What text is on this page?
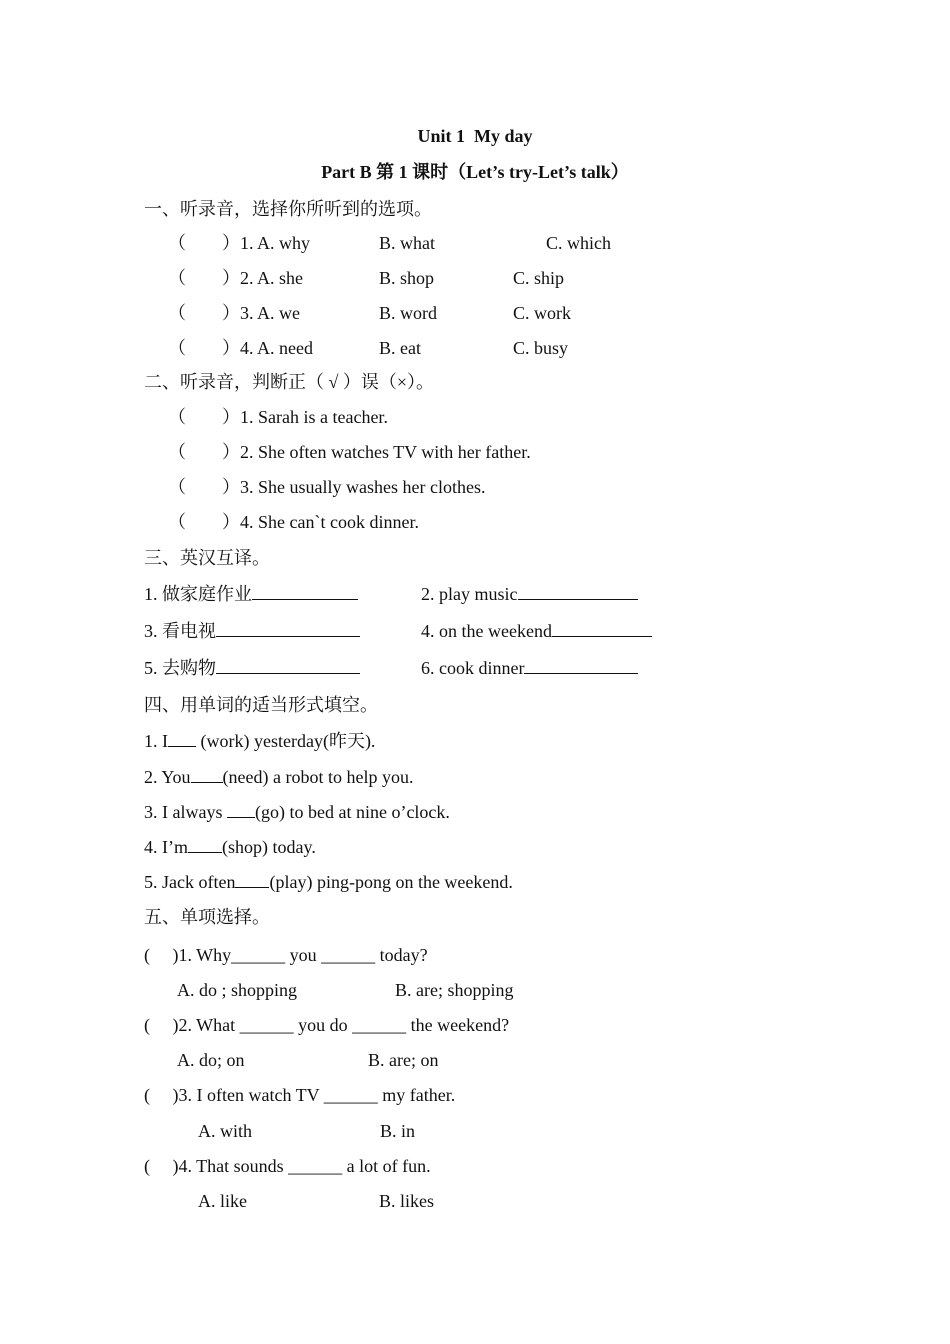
Unit 1  My day
Part B 第 1 课时（Let’s try-Let’s talk）
一、听录音，选择你所听到的选项。
（        ） 1. A. why	B. what	C. which
（        ） 2. A. she	B. shop	C. ship
（        ） 3. A. we	B. word	C. work
（        ） 4. A. need	B. eat	C. busy
二、听录音，判断正（ √ ）误（×）。
（        ） 1. Sarah is a teacher.
（        ） 2. She often watches TV with her father.
（        ） 3. She usually washes her clothes.
（        ） 4. She can`t cook dinner.
三、英汉互译。
1. 做家庭作业	2. play music
3. 看电视	4. on the weekend
5. 去购物	6. cook dinner
四、用单词的适当形式填空。
1. I (work) yesterday(昨天).
2. You (need) a robot to help you.
3. I always (go) to bed at nine o’clock.
4. I’m (shop) today.
5. Jack often (play) ping-pong on the weekend.
五、单项选择。
(     )1. Why______ you ______ today?
A. do ; shopping	B. are; shopping
(     )2. What ______ you do ______ the weekend?
A. do; on	B. are; on
(     )3. I often watch TV ______ my father.
A. with	B. in
(     )4. That sounds ______ a lot of fun.
A. like	B. likes
